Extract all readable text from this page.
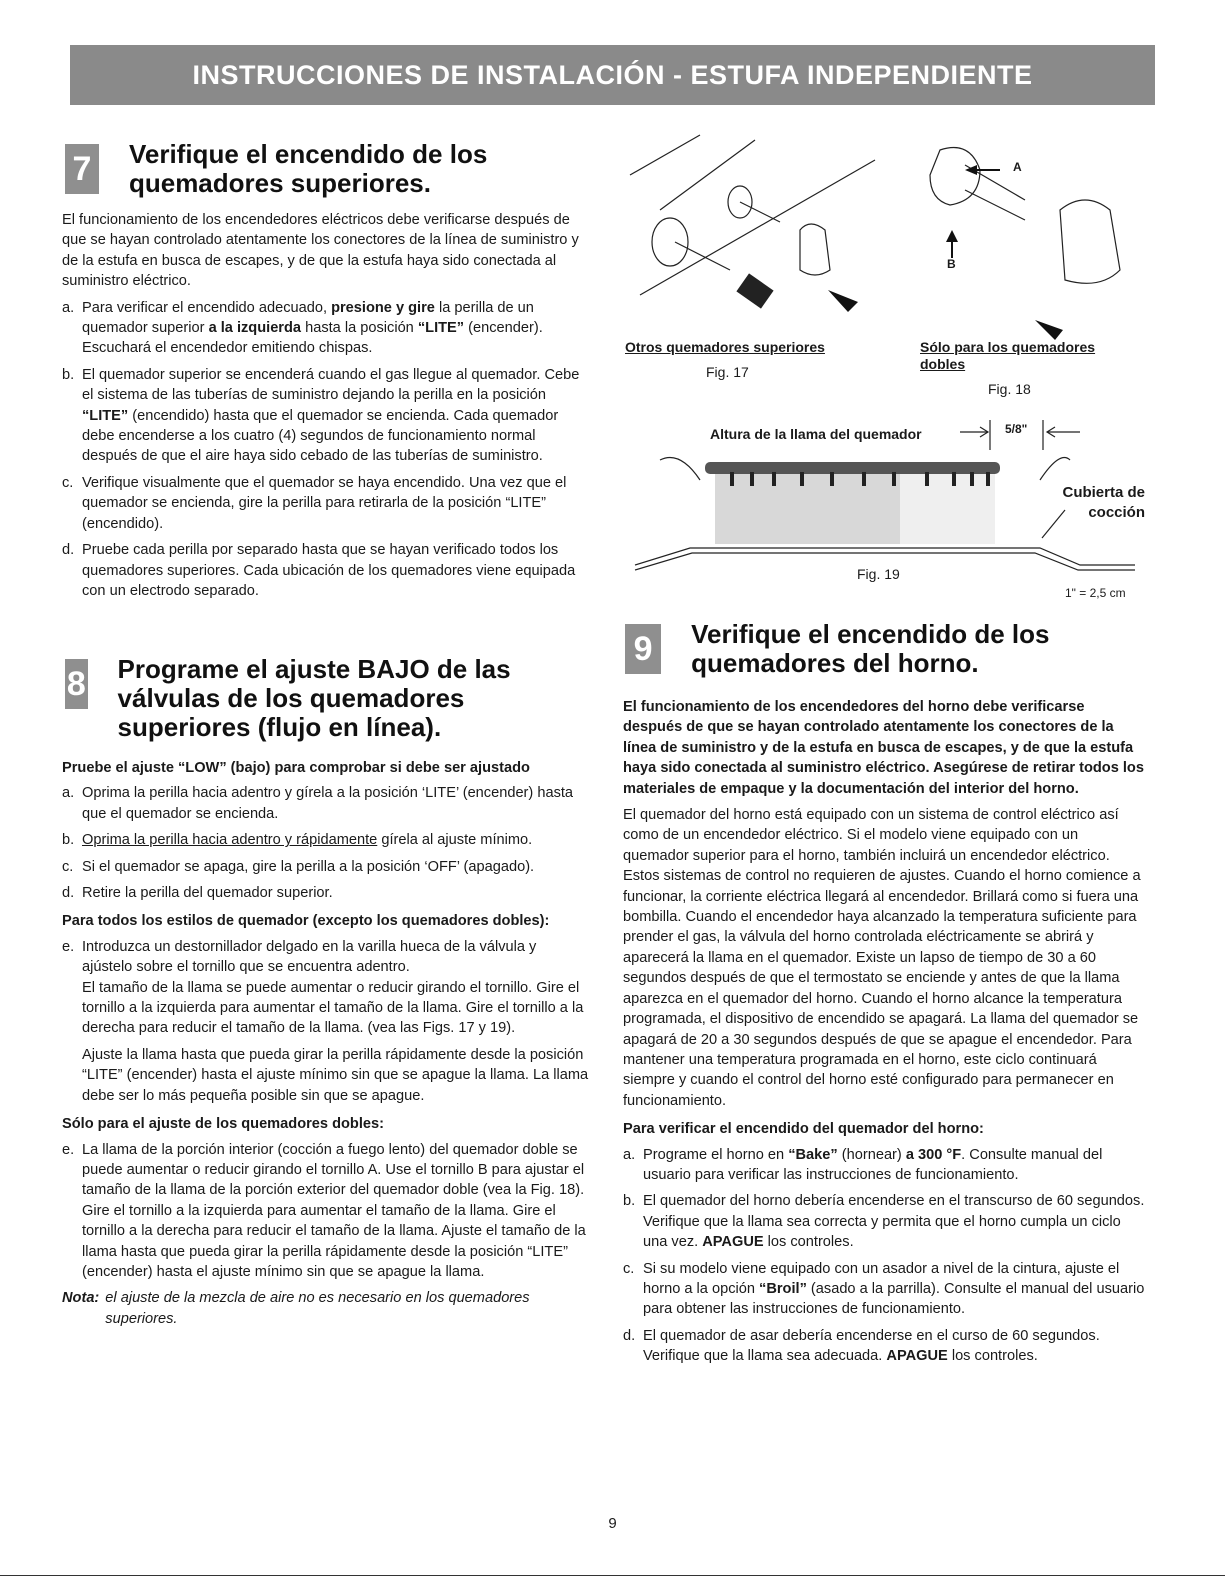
INSTRUCCIONES DE INSTALACIÓN - ESTUFA INDEPENDIENTE
7 Verifique el encendido de los quemadores superiores.

El funcionamiento de los encendedores eléctricos debe verificarse después de que se hayan controlado atentamente los conectores de la línea de suministro y de la estufa en busca de escapes, y de que la estufa haya sido conectada al suministro eléctrico.

a. Para verificar el encendido adecuado, presione y gire la perilla de un quemador superior a la izquierda hasta la posición “LITE” (encender). Escuchará el encendedor emitiendo chispas.
b. El quemador superior se encenderá cuando el gas llegue al quemador. Cebe el sistema de las tuberías de suministro dejando la perilla en la posición “LITE” (encendido) hasta que el quemador se encienda. Cada quemador debe encenderse a los cuatro (4) segundos de funcionamiento normal después de que el aire haya sido cebado de las tuberías de suministro.
c. Verifique visualmente que el quemador se haya encendido. Una vez que el quemador se encienda, gire la perilla para retirarla de la posición “LITE” (encendido).
d. Pruebe cada perilla por separado hasta que se hayan verificado todos los quemadores superiores. Cada ubicación de los quemadores viene equipada con un electrodo separado.
8 Programe el ajuste BAJO de las válvulas de los quemadores superiores (flujo en línea).
Pruebe el ajuste “LOW” (bajo) para comprobar si debe ser ajustado
a. Oprima la perilla hacia adentro y gírela a la posición ‘LITE’ (encender) hasta que el quemador se encienda.
b. Oprima la perilla hacia adentro y rápidamente gírela al ajuste mínimo.
c. Si el quemador se apaga, gire la perilla a la posición ‘OFF’ (apagado).
d. Retire la perilla del quemador superior.
Para todos los estilos de quemador (excepto los quemadores dobles):
e. Introduzca un destornillador delgado en la varilla hueca de la válvula y ajústelo sobre el tornillo que se encuentra adentro.
El tamaño de la llama se puede aumentar o reducir girando el tornillo. Gire el tornillo a la izquierda para aumentar el tamaño de la llama. Gire el tornillo a la derecha para reducir el tamaño de la llama. (vea las Figs. 17 y 19).
Ajuste la llama hasta que pueda girar la perilla rápidamente desde la posición “LITE” (encender) hasta el ajuste mínimo sin que se apague la llama. La llama debe ser lo más pequeña posible sin que se apague.
Sólo para el ajuste de los quemadores dobles:
e. La llama de la porción interior (cocción a fuego lento) del quemador doble se puede aumentar o reducir girando el tornillo A. Use el tornillo B para ajustar el tamaño de la llama de la porción exterior del quemador doble (vea la Fig. 18). Gire el tornillo a la izquierda para aumentar el tamaño de la llama. Gire el tornillo a la derecha para reducir el tamaño de la llama. Ajuste el tamaño de la llama hasta que pueda girar la perilla rápidamente desde la posición “LITE” (encender) hasta el ajuste mínimo sin que se apague la llama.
Nota: el ajuste de la mezcla de aire no es necesario en los quemadores superiores.
A
B
Otros quemadores superiores
Fig. 17
Sólo para los quemadores dobles
Fig. 18
Altura de la llama del quemador	5/8"
Cubierta de cocción
Fig. 19
1" = 2,5 cm
9	Verifique el encendido de los quemadores del horno.

El funcionamiento de los encendedores del horno debe verificarse después de que se hayan controlado atentamente los conectores de la línea de suministro y de la estufa en busca de escapes, y de que la estufa haya sido conectada al suministro eléctrico. Asegúrese de retirar todos los materiales de empaque y la documentación del interior del horno.

El quemador del horno está equipado con un sistema de control eléctrico así como de un encendedor eléctrico. Si el modelo viene equipado con un quemador superior para el horno, también incluirá un encendedor eléctrico. Estos sistemas de control no requieren de ajustes. Cuando el horno comience a funcionar, la corriente eléctrica llegará al encendedor. Brillará como si fuera una bombilla. Cuando el encendedor haya alcanzado la temperatura suficiente para prender el gas, la válvula del horno controlada eléctricamente se abrirá y aparecerá la llama en el quemador. Existe un lapso de tiempo de 30 a 60 segundos después de que el termostato se enciende y antes de que la llama aparezca en el quemador del horno. Cuando el horno alcance la temperatura programada, el dispositivo de encendido se apagará. La llama del quemador se apagará de 20 a 30 segundos después de que se apague el encendedor. Para mantener una temperatura programada en el horno, este ciclo continuará siempre y cuando el control del horno esté configurado para permanecer en funcionamiento.

Para verificar el encendido del quemador del horno:
a. Programe el horno en “Bake” (hornear) a 300 °F. Consulte manual del usuario para verificar las instrucciones de funcionamiento.
b. El quemador del horno debería encenderse en el transcurso de 60 segundos. Verifique que la llama sea correcta y permita que el horno cumpla un ciclo una vez. APAGUE los controles.
c. Si su modelo viene equipado con un asador a nivel de la cintura, ajuste el horno a la opción “Broil” (asado a la parrilla). Consulte el manual del usuario para obtener las instrucciones de funcionamiento.
d. El quemador de asar debería encenderse en el curso de 60 segundos. Verifique que la llama sea adecuada. APAGUE los controles.
9
